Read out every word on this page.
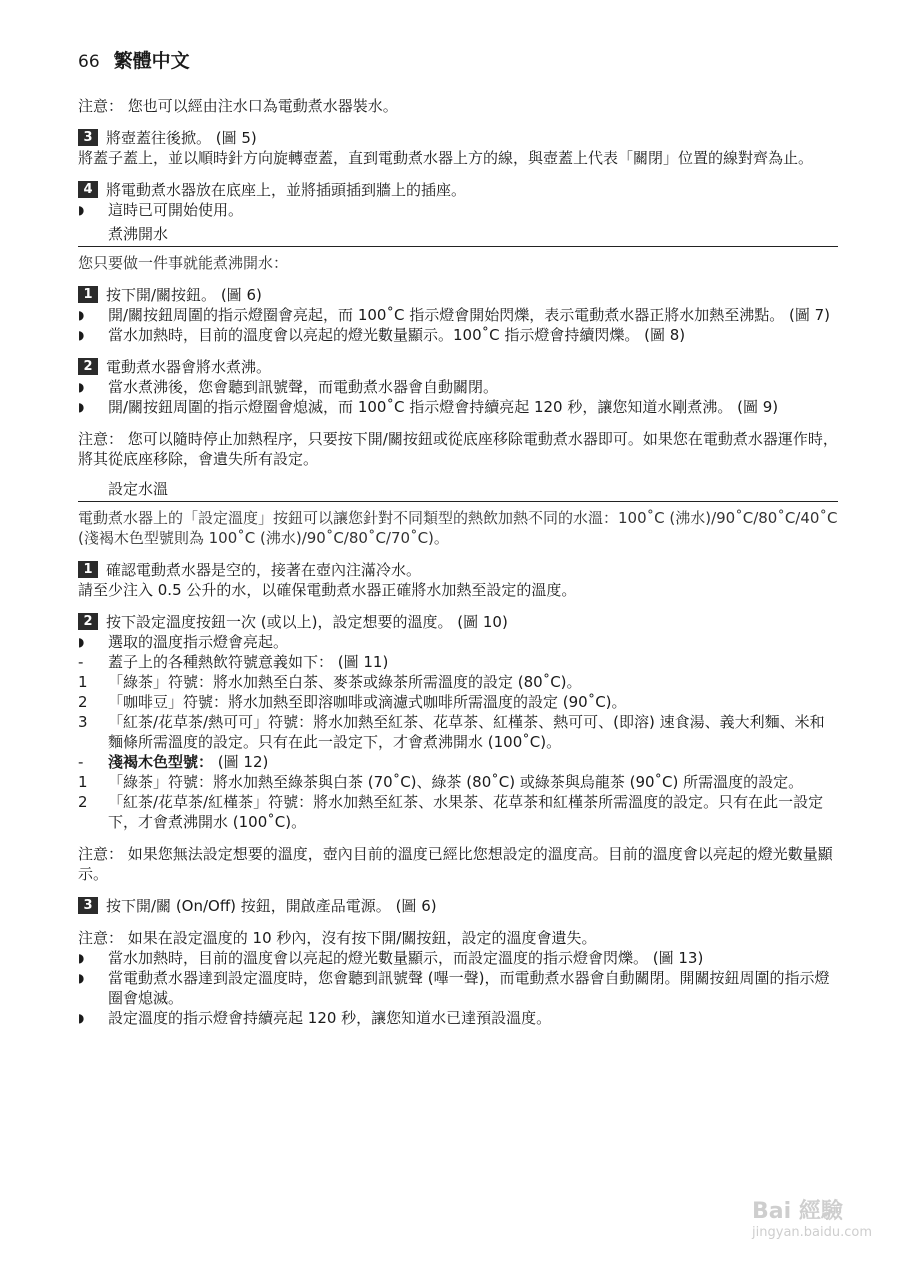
66 繁體中文

注意： 您也可以經由注水口為電動煮水器裝水。

3 將壺蓋往後掀。 (圖 5)

將蓋子蓋上，並以順時針方向旋轉壺蓋，直到電動煮水器上方的線，與壺蓋上代表「關閉」位置的線對齊為止。

4 將電動煮水器放在底座上，並將插頭插到牆上的插座。
◗	這時已可開始使用。
煮沸開水

您只要做一件事就能煮沸開水：

1 按下開/關按鈕。 (圖 6)
◗	開/關按鈕周圍的指示燈圈會亮起，而 100˚C 指示燈會開始閃爍，表示電動煮水器正將水加熱至沸點。 (圖 7)
◗	當水加熱時，目前的溫度會以亮起的燈光數量顯示。100˚C 指示燈會持續閃爍。 (圖 8)
2 電動煮水器會將水煮沸。
◗	當水煮沸後，您會聽到訊號聲，而電動煮水器會自動關閉。
◗	開/關按鈕周圍的指示燈圈會熄滅，而 100˚C 指示燈會持續亮起 120 秒，讓您知道水剛煮沸。 (圖 9)

注意： 您可以隨時停止加熱程序，只要按下開/關按鈕或從底座移除電動煮水器即可。如果您在電動煮水器運作時，將其從底座移除，會遺失所有設定。

設定水溫

電動煮水器上的「設定溫度」按鈕可以讓您針對不同類型的熱飲加熱不同的水溫：100˚C (沸水)/90˚C/80˚C/40˚C (淺褐木色型號則為 100˚C (沸水)/90˚C/80˚C/70˚C)。

1 確認電動煮水器是空的，接著在壺內注滿冷水。

請至少注入 0.5 公升的水，以確保電動煮水器正確將水加熱至設定的溫度。

2 按下設定溫度按鈕一次 (或以上)，設定想要的溫度。 (圖 10)
◗	選取的溫度指示燈會亮起。
-	蓋子上的各種熱飲符號意義如下： (圖 11)
1	「綠茶」符號：將水加熱至白茶、麥茶或綠茶所需溫度的設定 (80˚C)。
2	「咖啡豆」符號：將水加熱至即溶咖啡或滴濾式咖啡所需溫度的設定 (90˚C)。
3	「紅茶/花草茶/熱可可」符號：將水加熱至紅茶、花草茶、紅槿茶、熱可可、(即溶) 速食湯、義大利麵、米和麵條所需溫度的設定。只有在此一設定下，才會煮沸開水 (100˚C)。
-	淺褐木色型號： (圖 12)
1	「綠茶」符號：將水加熱至綠茶與白茶 (70˚C)、綠茶 (80˚C) 或綠茶與烏龍茶 (90˚C) 所需溫度的設定。
2	「紅茶/花草茶/紅槿茶」符號：將水加熱至紅茶、水果茶、花草茶和紅槿茶所需溫度的設定。只有在此一設定下，才會煮沸開水 (100˚C)。

注意： 如果您無法設定想要的溫度，壺內目前的溫度已經比您想設定的溫度高。目前的溫度會以亮起的燈光數量顯示。

3 按下開/關 (On/Off) 按鈕，開啟產品電源。 (圖 6)

注意： 如果在設定溫度的 10 秒內，沒有按下開/關按鈕，設定的溫度會遺失。

◗	當水加熱時，目前的溫度會以亮起的燈光數量顯示，而設定溫度的指示燈會閃爍。 (圖 13)
◗	當電動煮水器達到設定溫度時，您會聽到訊號聲 (嗶一聲)，而電動煮水器會自動關閉。開關按鈕周圍的指示燈圈會熄滅。
◗	設定溫度的指示燈會持續亮起 120 秒，讓您知道水已達預設溫度。
Bai 經驗
jingyan.baidu.com
